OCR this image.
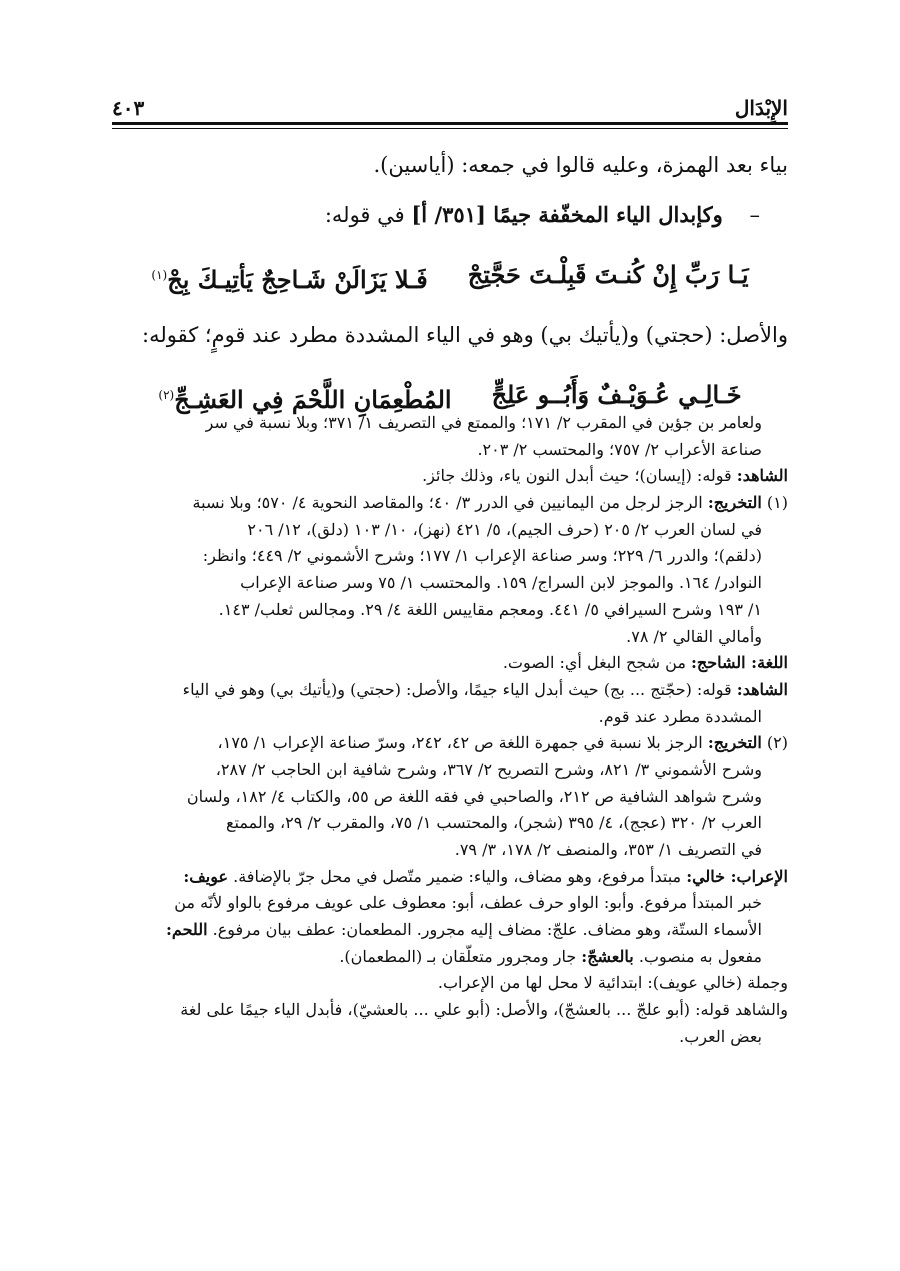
الإِبْدَال
٤٠٣
بياء بعد الهمزة، وعليه قالوا في جمعه: (أياسين).
–    وكإبدال الياء المخفّفة جيمًا [٣٥١/ أ] في قوله:
يَـا رَبِّ إِنْ كُنـتَ قَبِلْـتَ حَجَّتِجْ
فَـلا يَزَالَنْ شَـاحِجٌ يَأتِيـكَ بِجْ$^{(١)}$
والأصل: (حجتي) و(يأتيك بي) وهو في الياء المشددة مطرد عند قومٍ؛ كقوله:
خَـالِـي عُـوَيْـفٌ وَأَبُــو عَلِجٍّ
المُطْعِمَانِ اللَّحْمَ فِي العَشِـجِّ$^{(٢)}$
ولعامر بن جؤين في المقرب ٢/ ١٧١؛ والممتع في التصريف ١/ ٣٧١؛ وبلا نسبة في سر
صناعة الأعراب ٢/ ٧٥٧؛ والمحتسب ٢/ ٢٠٣.
الشاهد: قوله: (إيسان)؛ حيث أبدل النون ياء، وذلك جائز.
(١) التخريج: الرجز لرجل من اليمانيين في الدرر ٣/ ٤٠؛ والمقاصد النحوية ٤/ ٥٧٠؛ وبلا نسبة
في لسان العرب ٢/ ٢٠٥ (حرف الجيم)، ٥/ ٤٢١ (نهز)، ١٠/ ١٠٣ (دلق)، ١٢/ ٢٠٦
(دلقم)؛ والدرر ٦/ ٢٢٩؛ وسر صناعة الإعراب ١/ ١٧٧؛ وشرح الأشموني ٢/ ٤٤٩؛ وانظر:
النوادر/ ١٦٤. والموجز لابن السراج/ ١٥٩. والمحتسب ١/ ٧٥ وسر صناعة الإعراب
١/ ١٩٣ وشرح السيرافي ٥/ ٤٤١. ومعجم مقاييس اللغة ٤/ ٢٩. ومجالس ثعلب/ ١٤٣.
وأمالي القالي ٢/ ٧٨.
اللغة: الشاحج: من شجح البغل أي: الصوت.
الشاهد: قوله: (حجّتج ... بج) حيث أبدل الياء جيمًا، والأصل: (حجتي) و(يأتيك بي) وهو في الياء
المشددة مطرد عند قوم.
(٢) التخريج: الرجز بلا نسبة في جمهرة اللغة ص ٤٢، ٢٤٢، وسرّ صناعة الإعراب ١/ ١٧٥،
وشرح الأشموني ٣/ ٨٢١، وشرح التصريح ٢/ ٣٦٧، وشرح شافية ابن الحاجب ٢/ ٢٨٧،
وشرح شواهد الشافية ص ٢١٢، والصاحبي في فقه اللغة ص ٥٥، والكتاب ٤/ ١٨٢، ولسان
العرب ٢/ ٣٢٠ (عجج)، ٤/ ٣٩٥ (شجر)، والمحتسب ١/ ٧٥، والمقرب ٢/ ٢٩، والممتع
في التصريف ١/ ٣٥٣، والمنصف ٢/ ١٧٨، ٣/ ٧٩.
الإعراب: خالي: مبتدأ مرفوع، وهو مضاف، والياء: ضمير متّصل في محل جرّ بالإضافة. عويف:
خبر المبتدأ مرفوع. وأبو: الواو حرف عطف، أبو: معطوف على عويف مرفوع بالواو لأنّه من
الأسماء الستّة، وهو مضاف. علجّ: مضاف إليه مجرور. المطعمان: عطف بيان مرفوع. اللحم:
مفعول به منصوب. بالعشجّ: جار ومجرور متعلّقان بـ (المطعمان).
وجملة (خالي عويف): ابتدائية لا محل لها من الإعراب.
والشاهد قوله: (أبو علجّ ... بالعشجّ)، والأصل: (أبو علي ... بالعشيّ)، فأبدل الياء جيمًا على لغة
بعض العرب.
